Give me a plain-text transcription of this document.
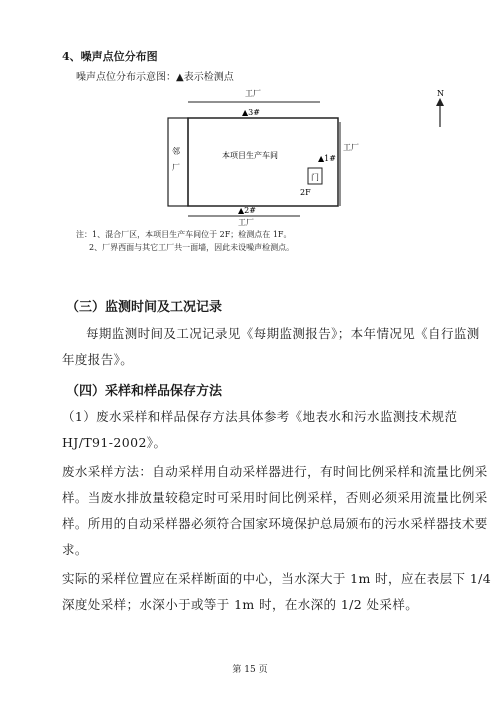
4、噪声点位分布图
噪声点位分布示意图：▲表示检测点
工厂
邻
厂
本项目生产车间
▲3#
▲1#
门
2F
工厂
▲2#
工厂
N
注：1、混合厂区，本项目生产车间位于 2F；检测点在 1F。
2、厂界西面与其它工厂共一面墙，因此未设噪声检测点。
（三）监测时间及工况记录
每期监测时间及工况记录见《每期监测报告》；本年情况见《自行监测
年度报告》。
（四）采样和样品保存方法
（1）废水采样和样品保存方法具体参考《地表水和污水监测技术规范
HJ/T91-2002》。
废水采样方法：自动采样用自动采样器进行，有时间比例采样和流量比例采
样。当废水排放量较稳定时可采用时间比例采样，否则必须采用流量比例采
样。所用的自动采样器必须符合国家环境保护总局颁布的污水采样器技术要
求。
实际的采样位置应在采样断面的中心，当水深大于 1m 时，应在表层下 1/4
深度处采样；水深小于或等于 1m 时，在水深的 1/2 处采样。
第 15 页
